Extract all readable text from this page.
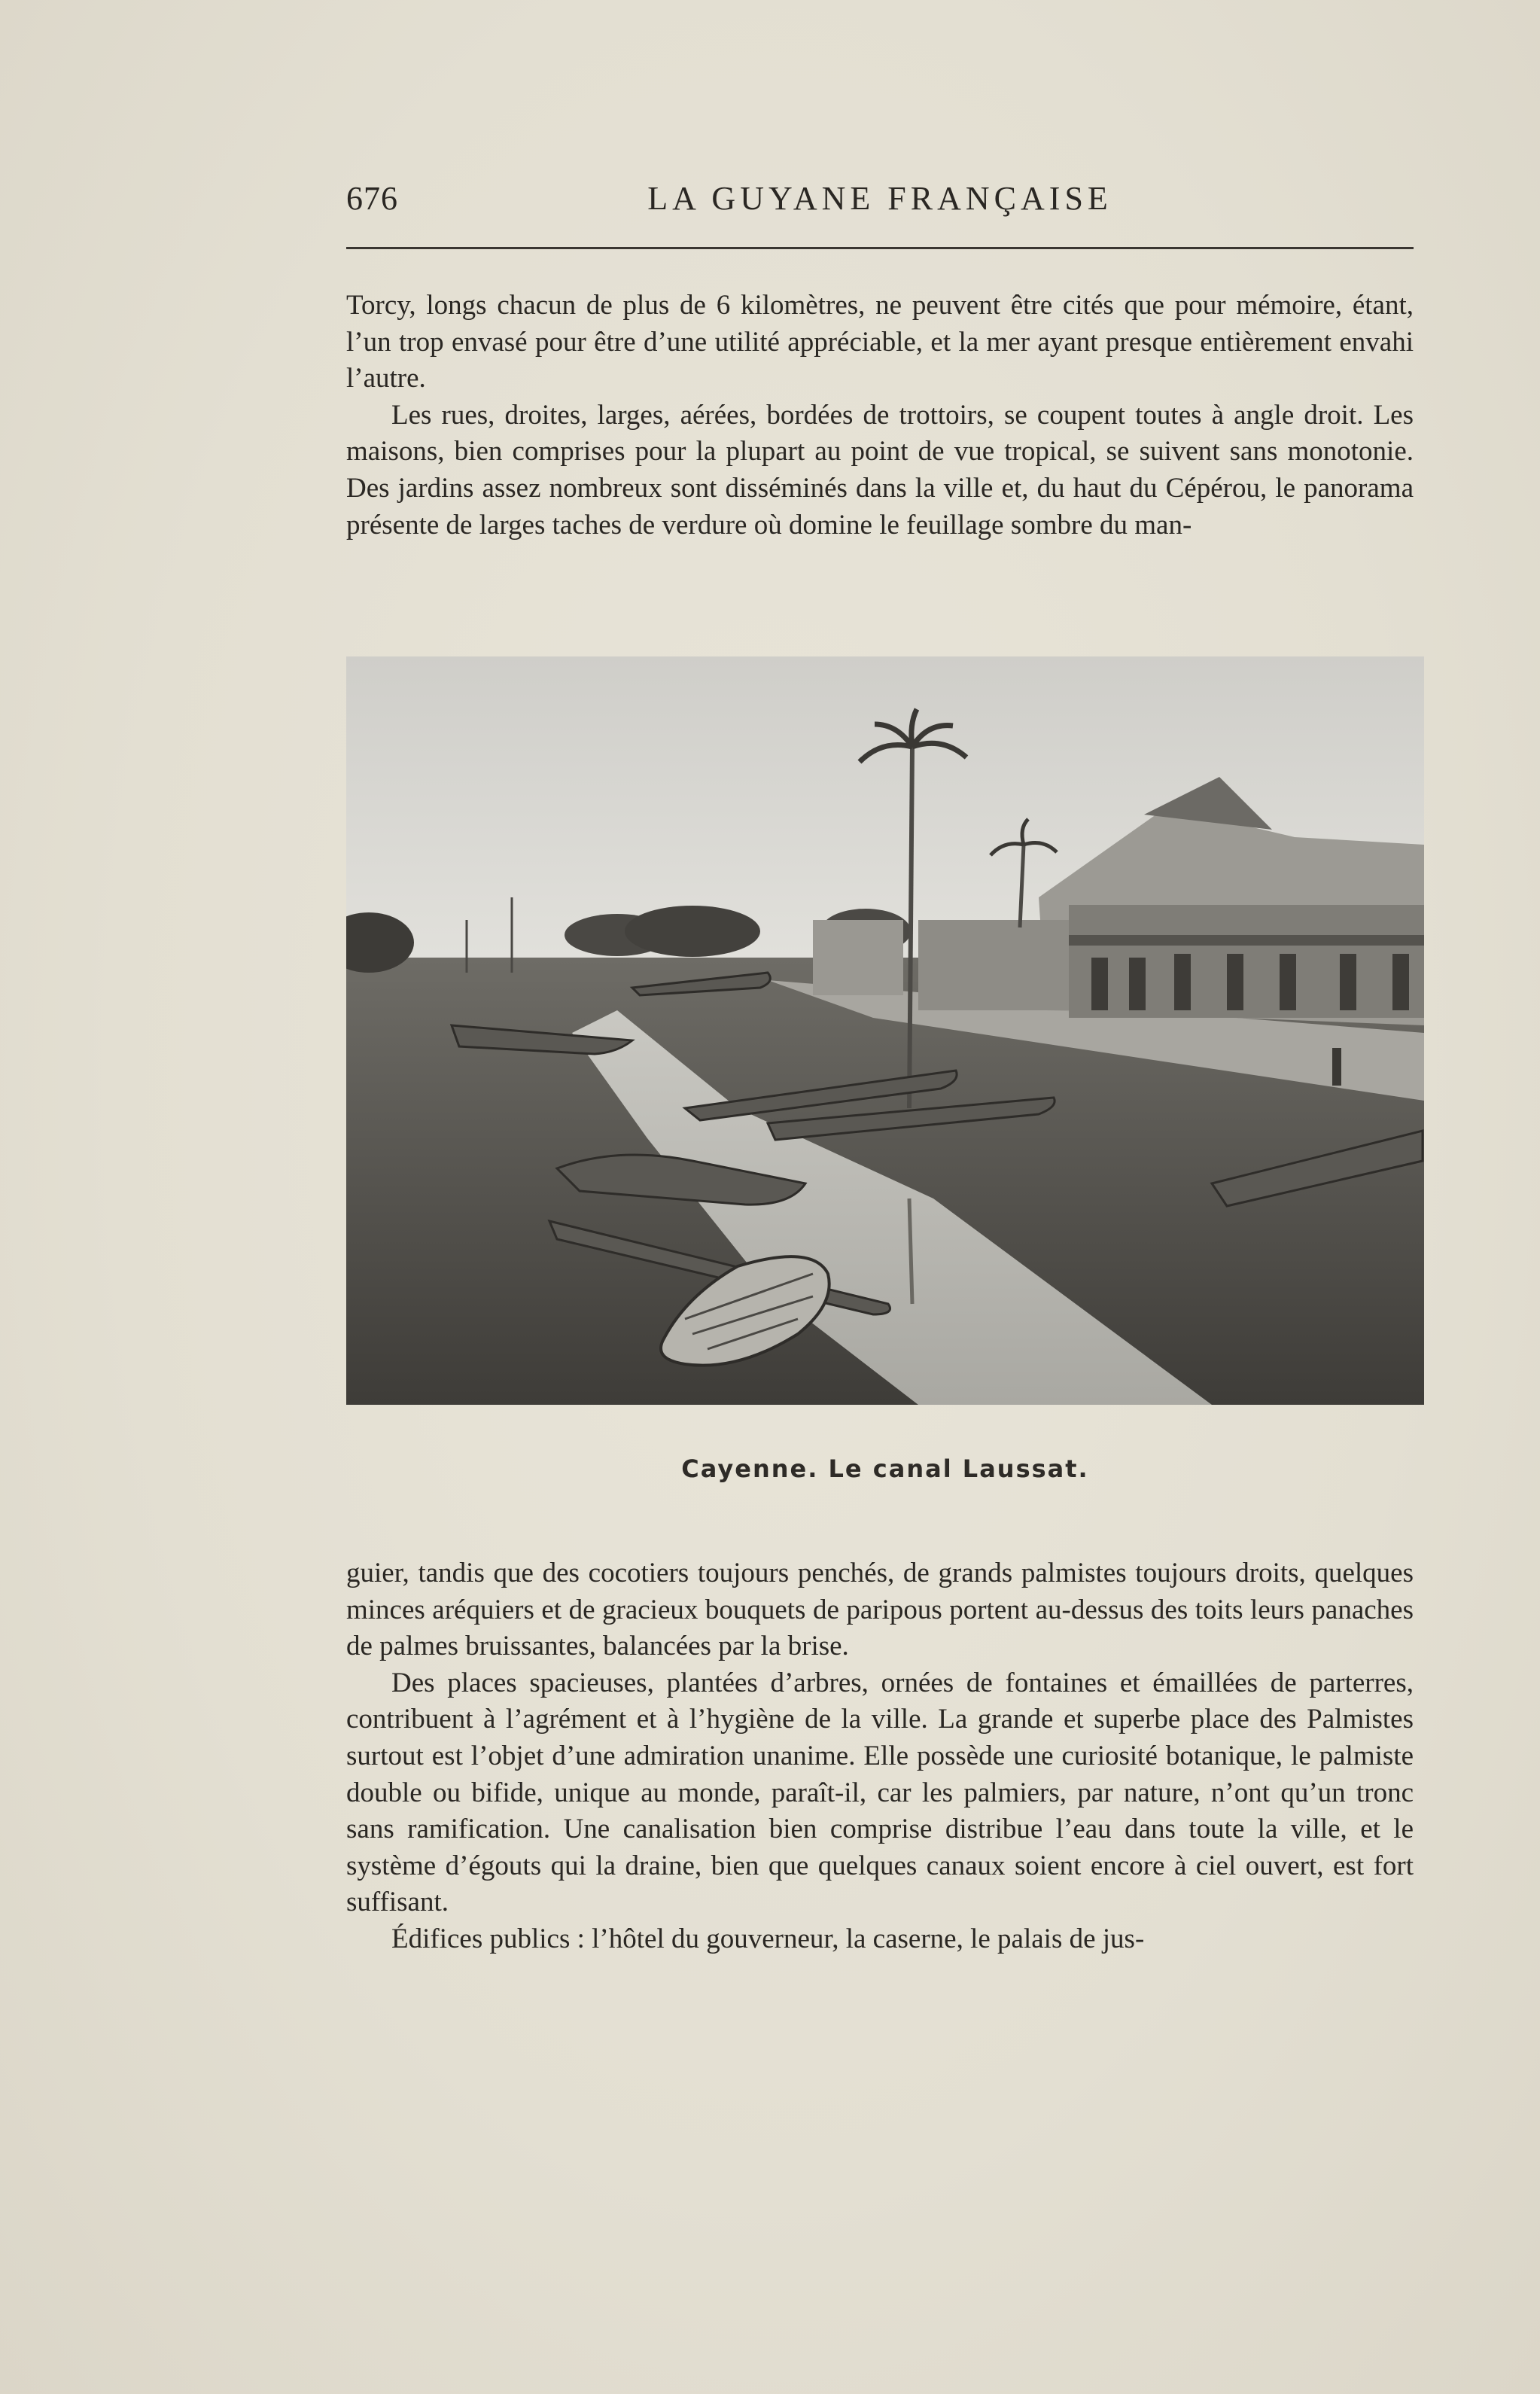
676	LA GUYANE FRANÇAISE

Torcy, longs chacun de plus de 6 kilomètres, ne peuvent être cités que pour mémoire, étant, l’un trop envasé pour être d’une utilité appréciable, et la mer ayant presque entièrement envahi l’autre.

Les rues, droites, larges, aérées, bordées de trottoirs, se coupent toutes à angle droit. Les maisons, bien comprises pour la plupart au point de vue tropical, se suivent sans monotonie. Des jardins assez nombreux sont disséminés dans la ville et, du haut du Cépérou, le panorama présente de larges taches de verdure où domine le feuillage sombre du man-

Cayenne. Le canal Laussat.

guier, tandis que des cocotiers toujours penchés, de grands palmistes toujours droits, quelques minces aréquiers et de gracieux bouquets de paripous portent au-dessus des toits leurs panaches de palmes bruissantes, balancées par la brise.

Des places spacieuses, plantées d’arbres, ornées de fontaines et émaillées de parterres, contribuent à l’agrément et à l’hygiène de la ville. La grande et superbe place des Palmistes surtout est l’objet d’une admiration unanime. Elle possède une curiosité botanique, le palmiste double ou bifide, unique au monde, paraît-il, car les palmiers, par nature, n’ont qu’un tronc sans ramification. Une canalisation bien comprise distribue l’eau dans toute la ville, et le système d’égouts qui la draine, bien que quelques canaux soient encore à ciel ouvert, est fort suffisant.

Édifices publics : l’hôtel du gouverneur, la caserne, le palais de jus-
